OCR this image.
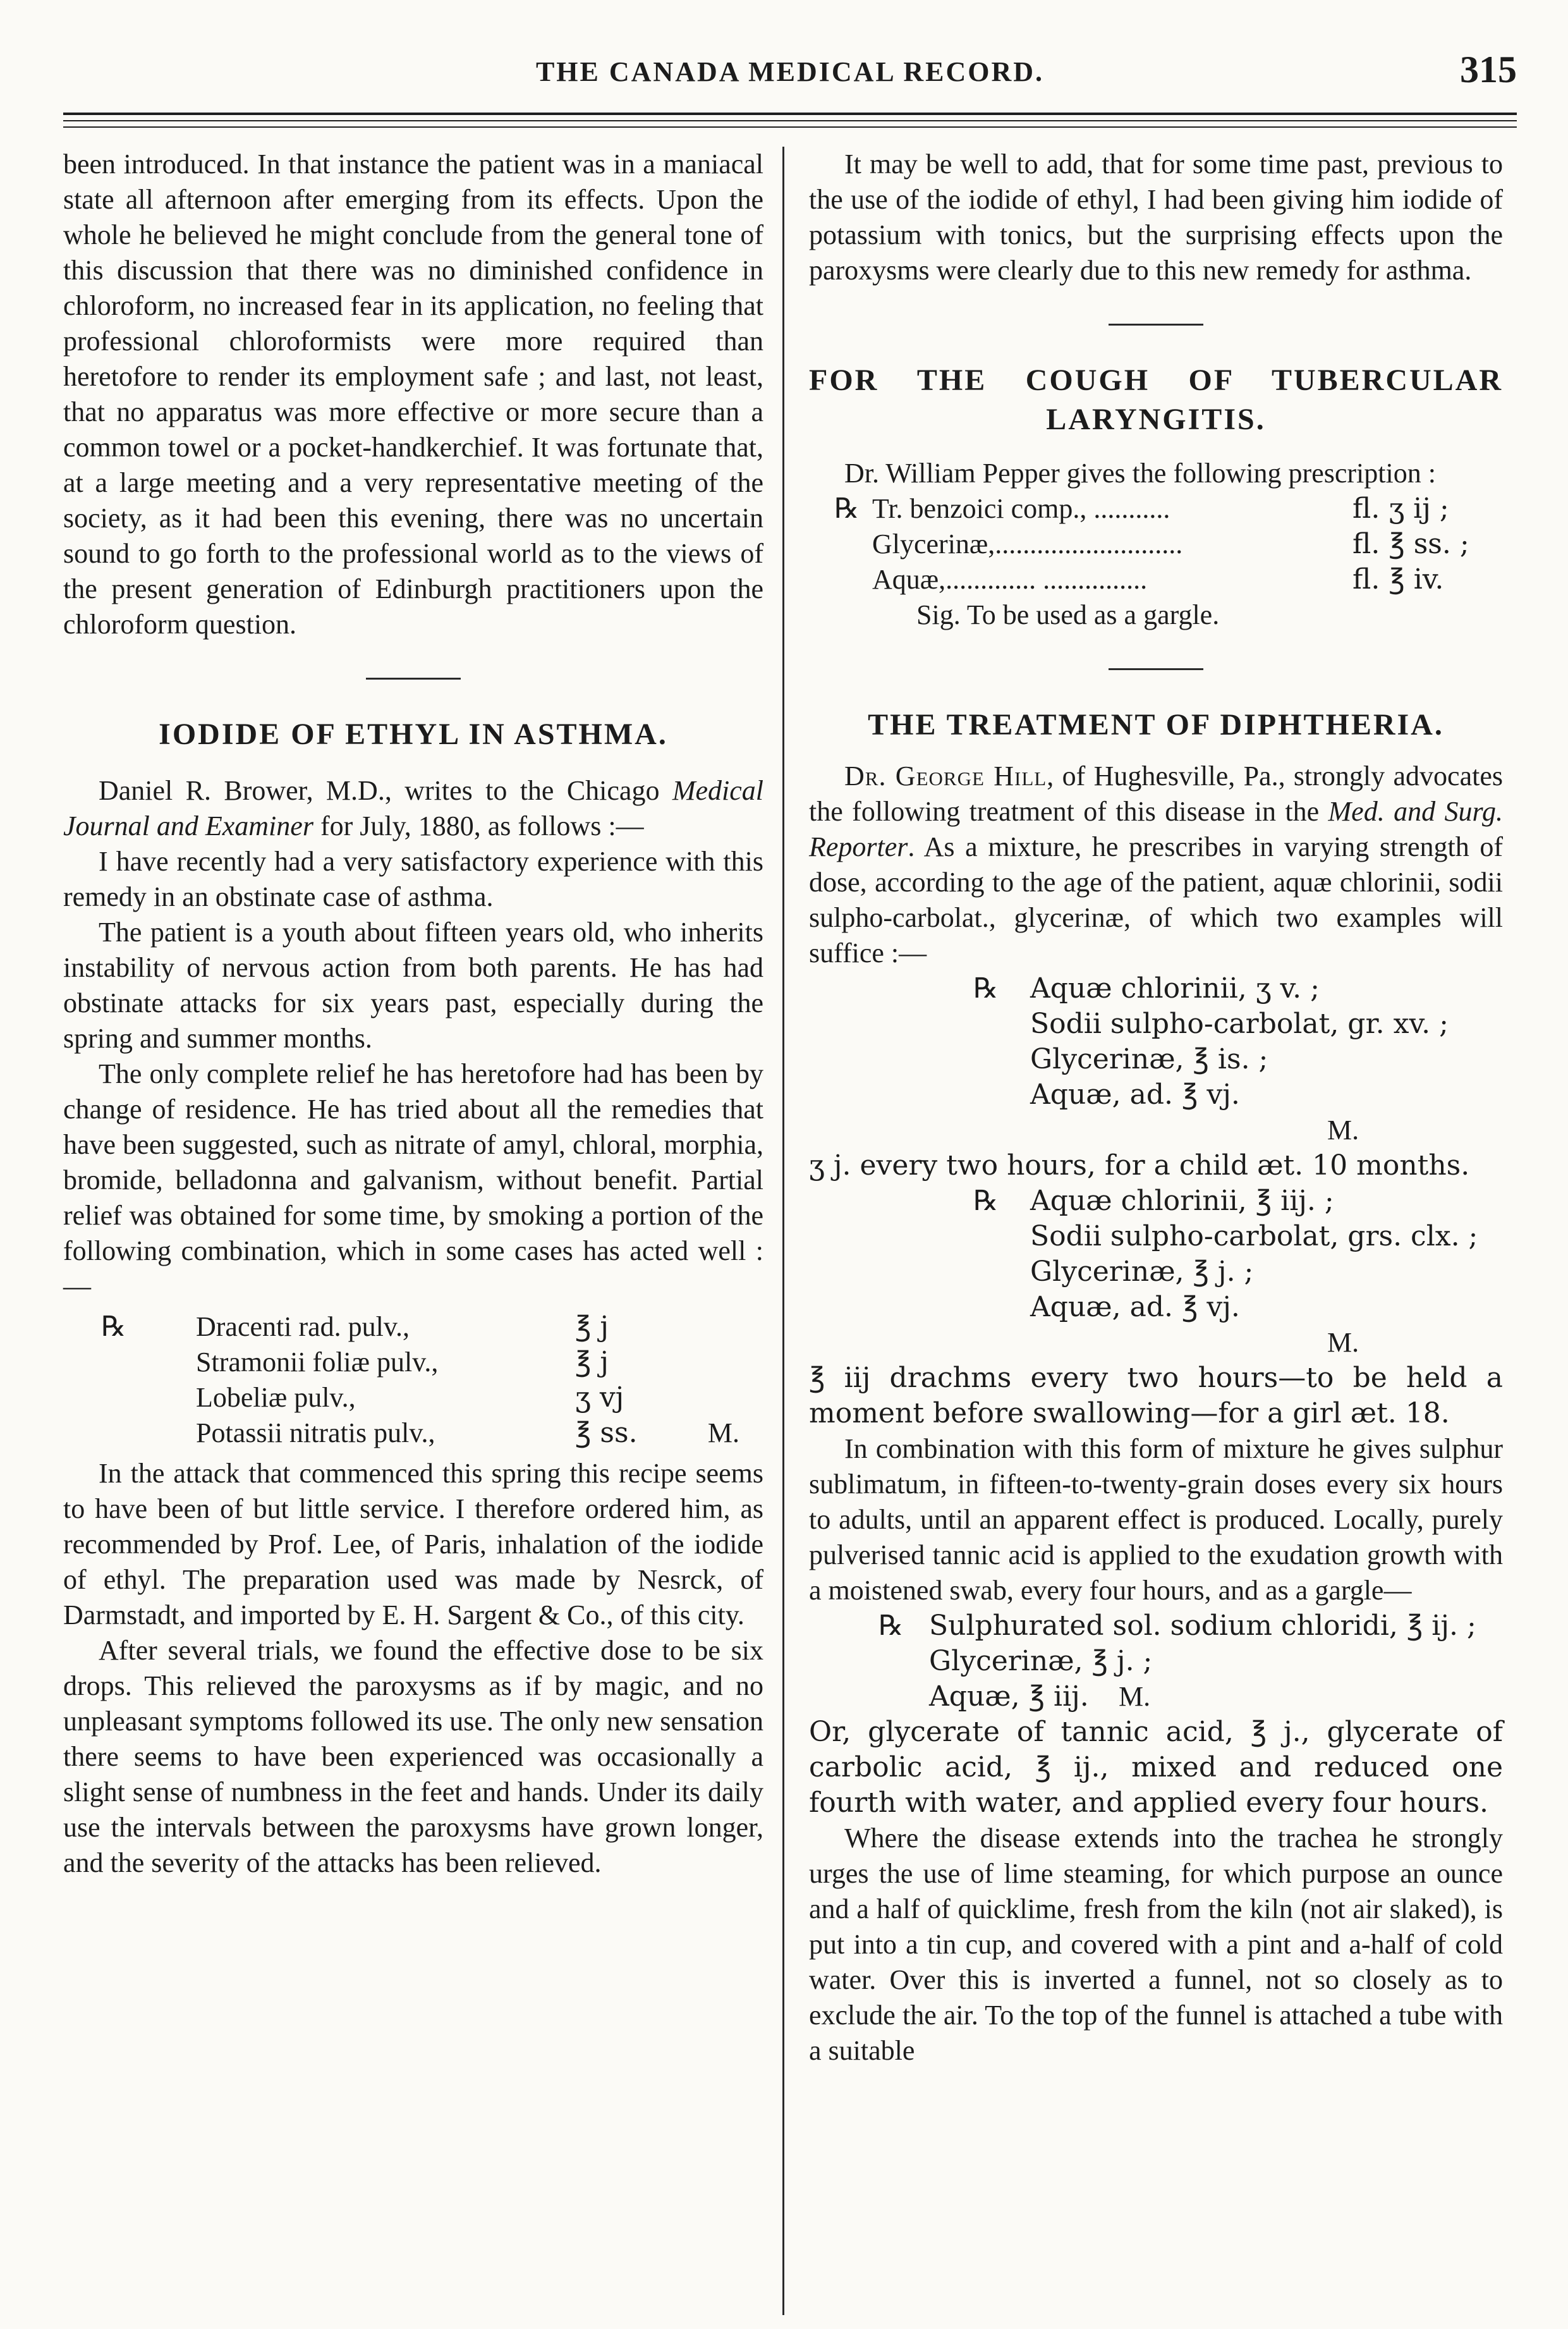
THE CANADA MEDICAL RECORD.	315

been introduced. In that instance the patient was in a maniacal state all afternoon after emerging from its effects. Upon the whole he believed he might conclude from the general tone of this discussion that there was no diminished confidence in chloroform, no increased fear in its application, no feeling that professional chloroformists were more required than heretofore to render its employment safe ; and last, not least, that no apparatus was more effective or more secure than a common towel or a pocket-handkerchief. It was fortunate that, at a large meeting and a very representative meeting of the society, as it had been this evening, there was no uncertain sound to go forth to the professional world as to the views of the present generation of Edinburgh practitioners upon the chloroform question.

IODIDE OF ETHYL IN ASTHMA.

Daniel R. Brower, M.D., writes to the Chicago Medical Journal and Examiner for July, 1880, as follows :—

I have recently had a very satisfactory experience with this remedy in an obstinate case of asthma.

The patient is a youth about fifteen years old, who inherits instability of nervous action from both parents. He has had obstinate attacks for six years past, especially during the spring and summer months.

The only complete relief he has heretofore had has been by change of residence. He has tried about all the remedies that have been suggested, such as nitrate of amyl, chloral, morphia, bromide, belladonna and galvanism, without benefit. Partial relief was obtained for some time, by smoking a portion of the following combination, which in some cases has acted well :—

℞	Dracenti rad. pulv.,	℥ j
Stramonii foliæ pulv.,	℥ j
Lobeliæ pulv.,	ʒ vj
Potassii nitratis pulv.,	℥ ss.	M.

In the attack that commenced this spring this recipe seems to have been of but little service. I therefore ordered him, as recommended by Prof. Lee, of Paris, inhalation of the iodide of ethyl. The preparation used was made by Nesrck, of Darmstadt, and imported by E. H. Sargent & Co., of this city.

After several trials, we found the effective dose to be six drops. This relieved the paroxysms as if by magic, and no unpleasant symptoms followed its use. The only new sensation there seems to have been experienced was occasionally a slight sense of numbness in the feet and hands. Under its daily use the intervals between the paroxysms have grown longer, and the severity of the attacks has been relieved.

It may be well to add, that for some time past, previous to the use of the iodide of ethyl, I had been giving him iodide of potassium with tonics, but the surprising effects upon the paroxysms were clearly due to this new remedy for asthma.

FOR THE COUGH OF TUBERCULAR
LARYNGITIS.

Dr. William Pepper gives the following prescription :

℞ Tr. benzoici comp., ...........	fl. ʒ ij ;
Glycerinæ,...........................	fl. ℥ ss. ;
Aquæ,............. ...............	fl. ℥ iv.
Sig. To be used as a gargle.
THE TREATMENT OF DIPHTHERIA.

Dr. George Hill, of Hughesville, Pa., strongly advocates the following treatment of this disease in the Med. and Surg. Reporter. As a mixture, he prescribes in varying strength of dose, according to the age of the patient, aquæ chlorinii, sodii sulpho-carbolat., glycerinæ, of which two examples will suffice :—

℞	Aquæ chlorinii, ʒ v. ;
Sodii sulpho-carbolat, gr. xv. ;
Glycerinæ, ℥ is. ;
Aquæ, ad. ℥ vj.
M.

ʒ j. every two hours, for a child æt. 10 months.

℞	Aquæ chlorinii, ℥ iij. ;
Sodii sulpho-carbolat, grs. clx. ;
Glycerinæ, ℥ j. ;
Aquæ, ad. ℥ vj.
M.

℥ iij drachms every two hours—to be held a moment before swallowing—for a girl æt. 18.

In combination with this form of mixture he gives sulphur sublimatum, in fifteen-to-twenty-grain doses every six hours to adults, until an apparent effect is produced. Locally, purely pulverised tannic acid is applied to the exudation growth with a moistened swab, every four hours, and as a gargle—

℞ Sulphurated sol. sodium chloridi, ℥ ij. ;
Glycerinæ, ℥ j. ;
Aquæ, ℥ iij.	M.

Or, glycerate of tannic acid, ℥ j., glycerate of carbolic acid, ℥ ij., mixed and reduced one fourth with water, and applied every four hours.

Where the disease extends into the trachea he strongly urges the use of lime steaming, for which purpose an ounce and a half of quicklime, fresh from the kiln (not air slaked), is put into a tin cup, and covered with a pint and a-half of cold water. Over this is inverted a funnel, not so closely as to exclude the air. To the top of the funnel is attached a tube with a suitable
